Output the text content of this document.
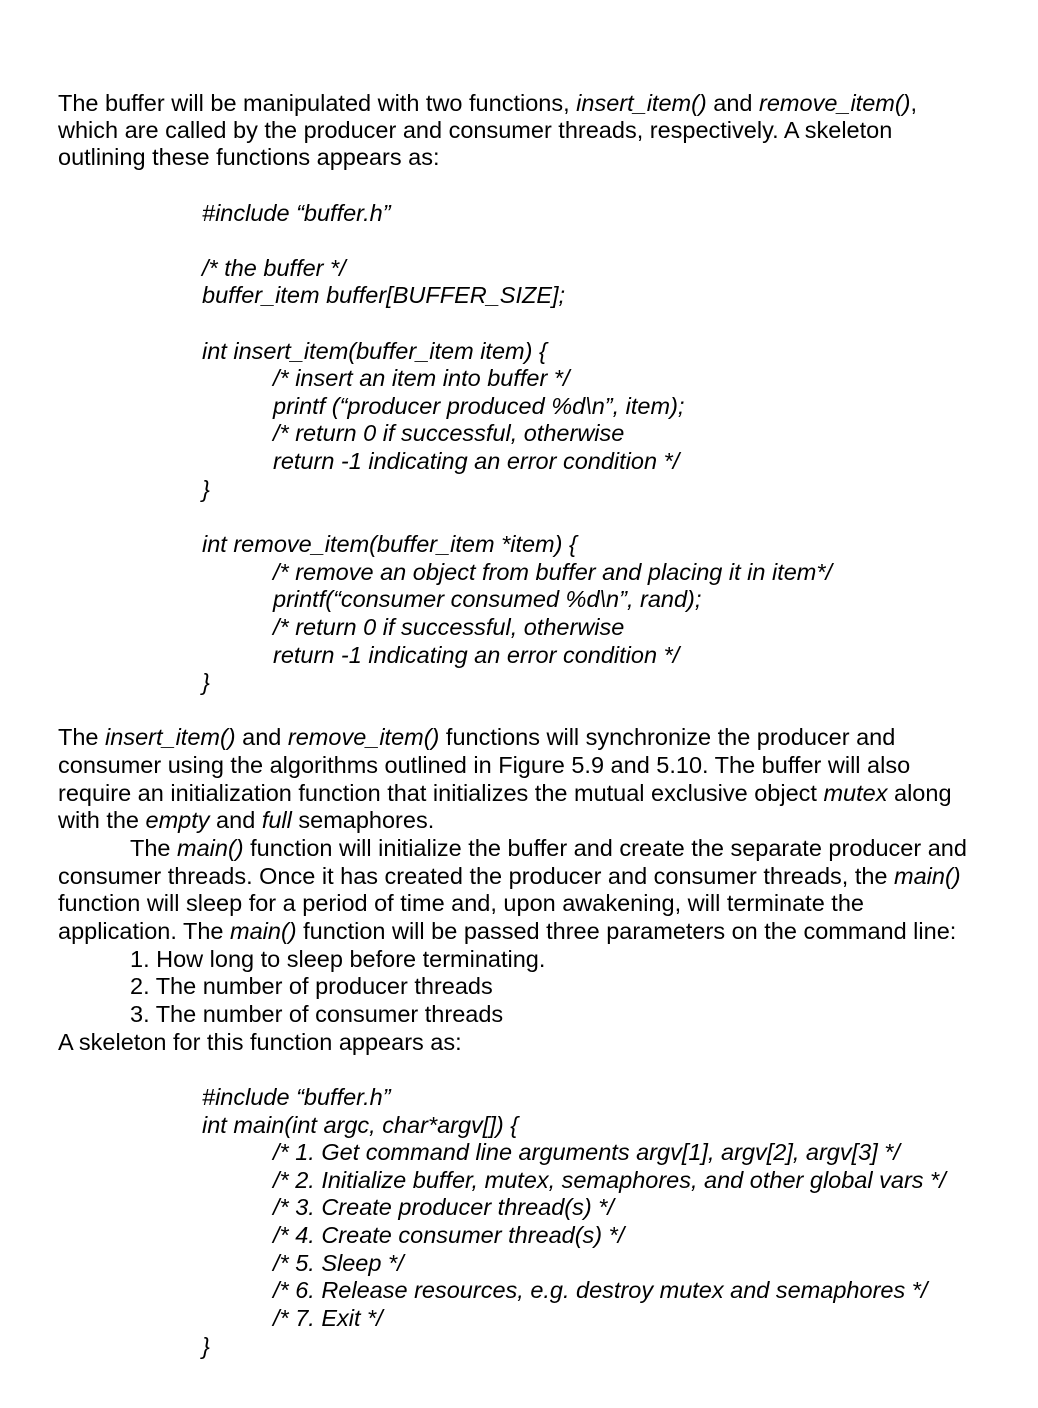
The buffer will be manipulated with two functions, insert_item() and remove_item(),
which are called by the producer and consumer threads, respectively. A skeleton
outlining these functions appears as:
#include “buffer.h”
/* the buffer */
buffer_item buffer[BUFFER_SIZE];
int insert_item(buffer_item item) {
/* insert an item into buffer */
printf (“producer produced %d\n”, item);
/* return 0 if successful, otherwise
return -1 indicating an error condition */
}
int remove_item(buffer_item *item) {
/* remove an object from buffer and placing it in item*/
printf(“consumer consumed %d\n”, rand);
/* return 0 if successful, otherwise
return -1 indicating an error condition */
}
The insert_item() and remove_item() functions will synchronize the producer and
consumer using the algorithms outlined in Figure 5.9 and 5.10. The buffer will also
require an initialization function that initializes the mutual exclusive object mutex along
with the empty and full semaphores.
The main() function will initialize the buffer and create the separate producer and
consumer threads. Once it has created the producer and consumer threads, the main()
function will sleep for a period of time and, upon awakening, will terminate the
application. The main() function will be passed three parameters on the command line:
1. How long to sleep before terminating.
2. The number of producer threads
3. The number of consumer threads
A skeleton for this function appears as:
#include “buffer.h”
int main(int argc, char*argv[]) {
/* 1. Get command line arguments argv[1], argv[2], argv[3] */
/* 2. Initialize buffer, mutex, semaphores, and other global vars */
/* 3. Create producer thread(s) */
/* 4. Create consumer thread(s) */
/* 5. Sleep */
/* 6. Release resources, e.g. destroy mutex and semaphores */
/* 7. Exit */
}
